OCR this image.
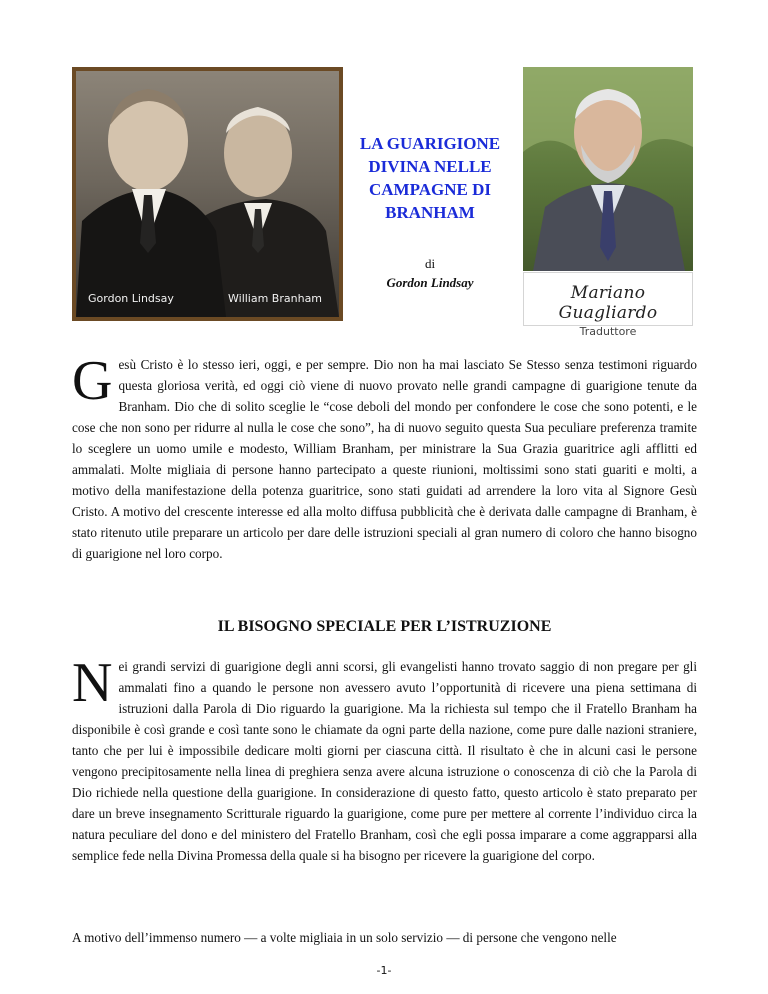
Gordon Lindsay	William Branham
LA GUARIGIONE
DIVINA NELLE
CAMPAGNE DI
BRANHAM
di
Gordon Lindsay
Mariano Guagliardo
Traduttore
Gesù Cristo è lo stesso ieri, oggi, e per sempre. Dio non ha mai lasciato Se Stesso senza testimoni riguardo questa gloriosa verità, ed oggi ciò viene di nuovo provato nelle grandi campagne di guarigione tenute da Branham. Dio che di solito sceglie le “cose deboli del mondo per confondere le cose che sono potenti, e le cose che non sono per ridurre al nulla le cose che sono”, ha di nuovo seguito questa Sua peculiare preferenza tramite lo sceglere un uomo umile e modesto, William Branham, per ministrare la Sua Grazia guaritrice agli afflitti ed ammalati. Molte migliaia di persone hanno partecipato a queste riunioni, moltissimi sono stati guariti e molti, a motivo della manifestazione della potenza guaritrice, sono stati guidati ad arrendere la loro vita al Signore Gesù Cristo. A motivo del crescente interesse ed alla molto diffusa pubblicità che è derivata dalle campagne di Branham, è stato ritenuto utile preparare un articolo per dare delle istruzioni speciali al gran numero di coloro che hanno bisogno di guarigione nel loro corpo.
IL BISOGNO SPECIALE PER L’ISTRUZIONE
Nei grandi servizi di guarigione degli anni scorsi, gli evangelisti hanno trovato saggio di non pregare per gli ammalati fino a quando le persone non avessero avuto l’opportunità di ricevere una piena settimana di istruzioni dalla Parola di Dio riguardo la guarigione. Ma la richiesta sul tempo che il Fratello Branham ha disponibile è così grande e così tante sono le chiamate da ogni parte della nazione, come pure dalle nazioni straniere, tanto che per lui è impossibile dedicare molti giorni per ciascuna città. Il risultato è che in alcuni casi le persone vengono precipitosamente nella linea di preghiera senza avere alcuna istruzione o conoscenza di ciò che la Parola di Dio richiede nella questione della guarigione. In considerazione di questo fatto, questo articolo è stato preparato per dare un breve insegnamento Scritturale riguardo la guarigione, come pure per mettere al corrente l’individuo circa la natura peculiare del dono e del ministero del Fratello Branham, così che egli possa imparare a come aggrapparsi alla semplice fede nella Divina Promessa della quale si ha bisogno per ricevere la guarigione del corpo.
A motivo dell’immenso numero — a volte migliaia in un solo servizio — di persone che vengono nelle
-1-
